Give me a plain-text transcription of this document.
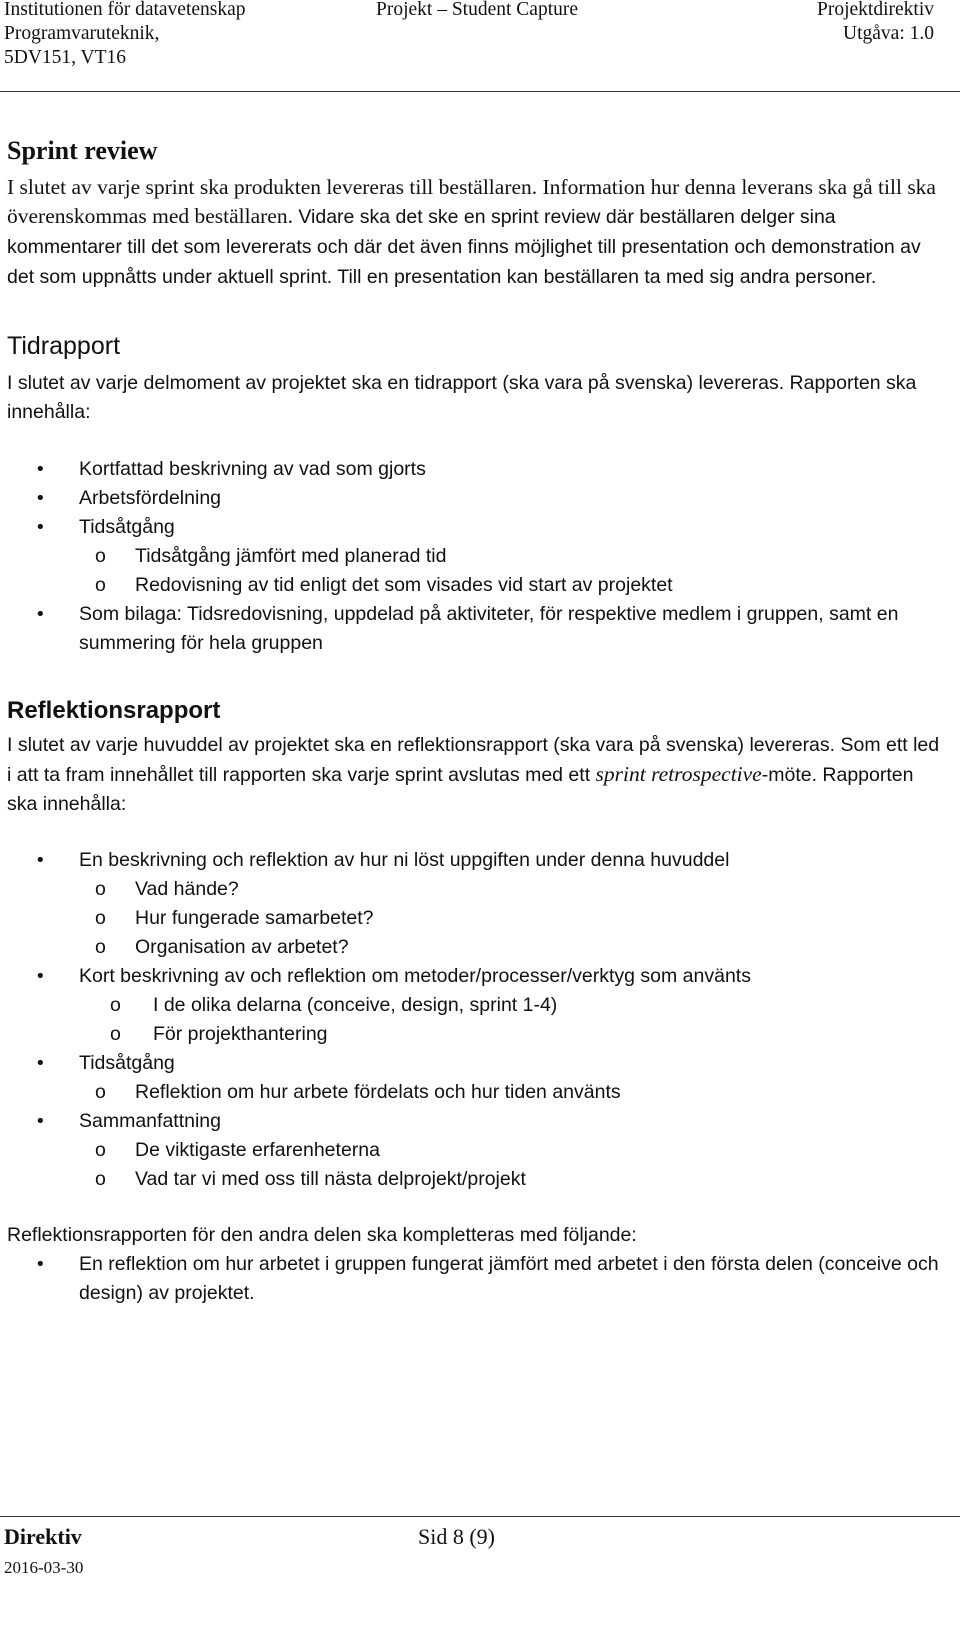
Institutionen för datavetenskap	Projekt – Student Capture	Projektdirektiv
Programvaruteknik,	Utgåva: 1.0
5DV151, VT16
Sprint review

I slutet av varje sprint ska produkten levereras till beställaren. Information hur denna leverans ska gå till ska överenskommas med beställaren. Vidare ska det ske en sprint review där beställaren delger sina kommentarer till det som levererats och där det även finns möjlighet till presentation och demonstration av det som uppnåtts under aktuell sprint. Till en presentation kan beställaren ta med sig andra personer.

Tidrapport

I slutet av varje delmoment av projektet ska en tidrapport (ska vara på svenska) levereras. Rapporten ska innehålla:

• Kortfattad beskrivning av vad som gjorts
• Arbetsfördelning
• Tidsåtgång
o Tidsåtgång jämfört med planerad tid
o Redovisning av tid enligt det som visades vid start av projektet
• Som bilaga: Tidsredovisning, uppdelad på aktiviteter, för respektive medlem i gruppen, samt en summering för hela gruppen
Reflektionsrapport

I slutet av varje huvuddel av projektet ska en reflektionsrapport (ska vara på svenska) levereras. Som ett led i att ta fram innehållet till rapporten ska varje sprint avslutas med ett sprint retrospective-möte. Rapporten ska innehålla:

• En beskrivning och reflektion av hur ni löst uppgiften under denna huvuddel
o Vad hände?
o Hur fungerade samarbetet?
o Organisation av arbetet?
• Kort beskrivning av och reflektion om metoder/processer/verktyg som använts
o I de olika delarna (conceive, design, sprint 1-4)
o För projekthantering
• Tidsåtgång
o Reflektion om hur arbete fördelats och hur tiden använts
• Sammanfattning
o De viktigaste erfarenheterna
o Vad tar vi med oss till nästa delprojekt/projekt

Reflektionsrapporten för den andra delen ska kompletteras med följande:

• En reflektion om hur arbetet i gruppen fungerat jämfört med arbetet i den första delen (conceive och design) av projektet.
Direktiv	Sid 8 (9)
2016-03-30
